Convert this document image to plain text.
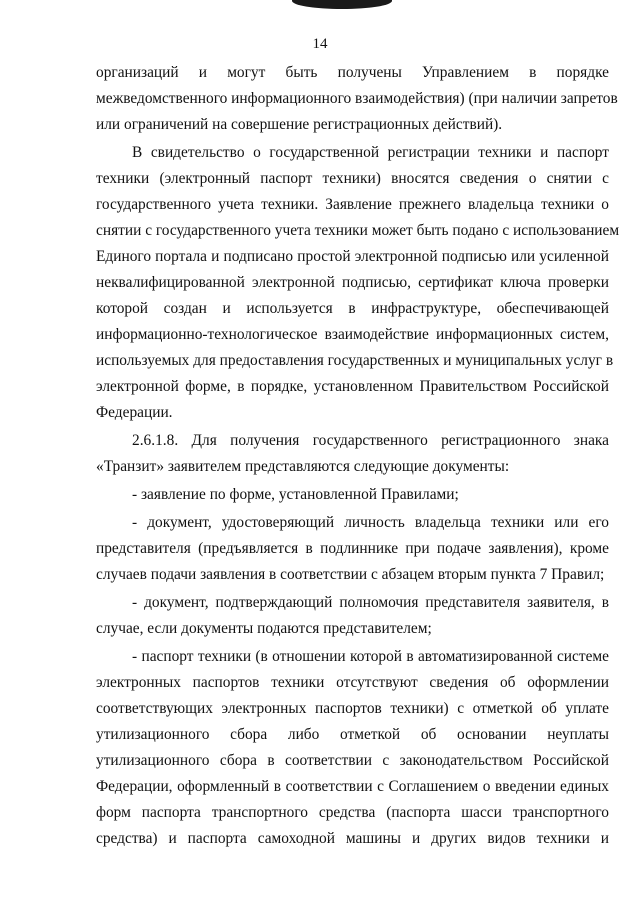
14
организаций и могут быть получены Управлением в порядке
межведомственного информационного взаимодействия) (при наличии запретов
или ограничений на совершение регистрационных действий).
В свидетельство о государственной регистрации техники и паспорт
техники (электронный паспорт техники) вносятся сведения о снятии с
государственного учета техники. Заявление прежнего владельца техники о
снятии с государственного учета техники может быть подано с использованием
Единого портала и подписано простой электронной подписью или усиленной
неквалифицированной электронной подписью, сертификат ключа проверки
которой создан и используется в инфраструктуре, обеспечивающей
информационно-технологическое взаимодействие информационных систем,
используемых для предоставления государственных и муниципальных услуг в
электронной форме, в порядке, установленном Правительством Российской
Федерации.
2.6.1.8. Для получения государственного регистрационного знака
«Транзит» заявителем представляются следующие документы:
- заявление по форме, установленной Правилами;
- документ, удостоверяющий личность владельца техники или его
представителя (предъявляется в подлиннике при подаче заявления), кроме
случаев подачи заявления в соответствии с абзацем вторым пункта 7 Правил;
- документ, подтверждающий полномочия представителя заявителя, в
случае, если документы подаются представителем;
- паспорт техники (в отношении которой в автоматизированной системе
электронных паспортов техники отсутствуют сведения об оформлении
соответствующих электронных паспортов техники) с отметкой об уплате
утилизационного сбора либо отметкой об основании неуплаты
утилизационного сбора в соответствии с законодательством Российской
Федерации, оформленный в соответствии с Соглашением о введении единых
форм паспорта транспортного средства (паспорта шасси транспортного
средства) и паспорта самоходной машины и других видов техники и
